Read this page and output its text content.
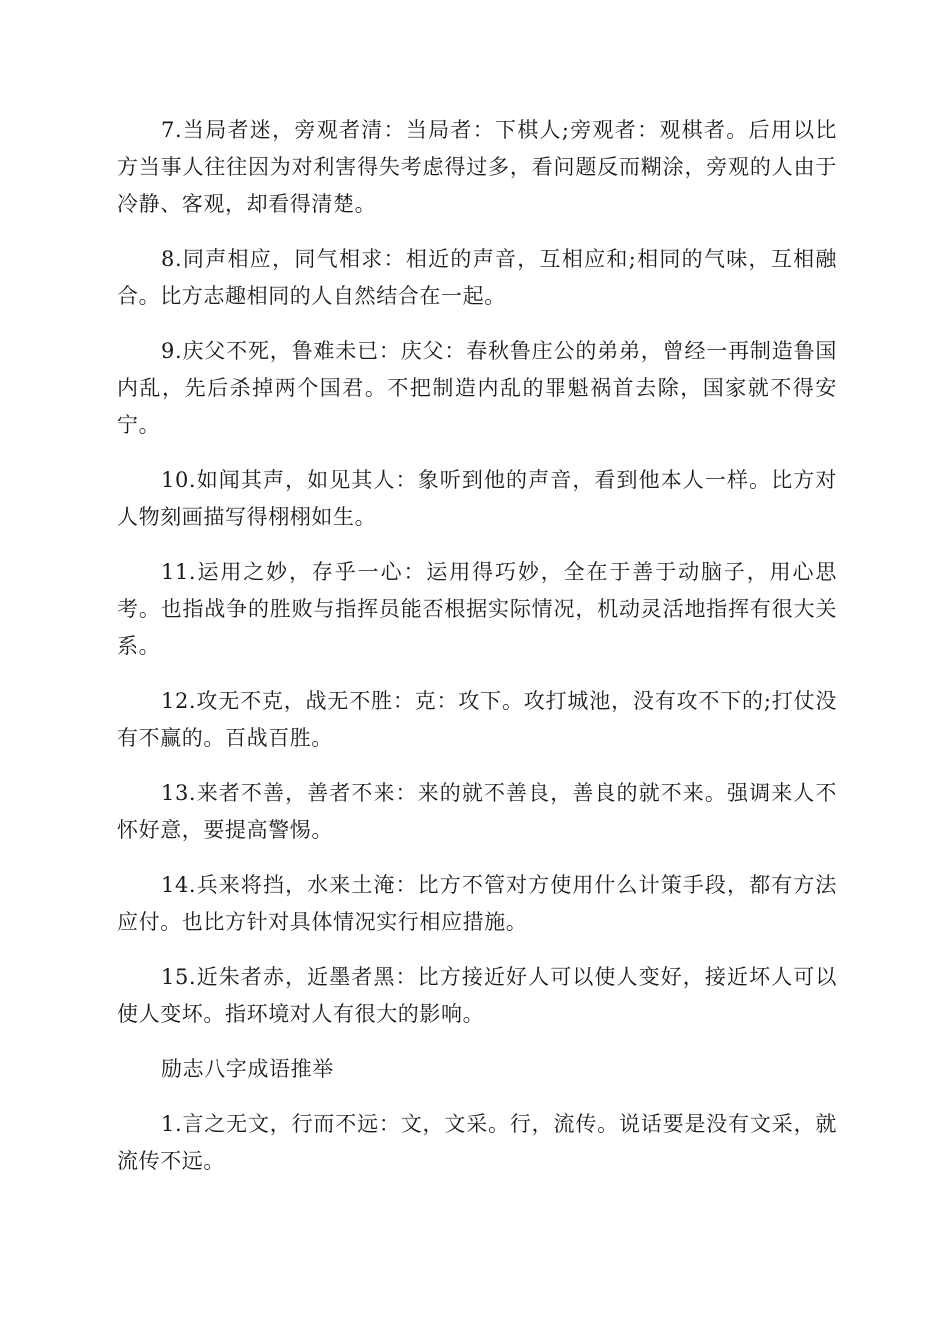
7.当局者迷，旁观者清：当局者：下棋人;旁观者：观棋者。后用以比方当事人往往因为对利害得失考虑得过多，看问题反而糊涂，旁观的人由于冷静、客观，却看得清楚。

8.同声相应，同气相求：相近的声音，互相应和;相同的气味，互相融合。比方志趣相同的人自然结合在一起。

9.庆父不死，鲁难未已：庆父：春秋鲁庄公的弟弟，曾经一再制造鲁国内乱，先后杀掉两个国君。不把制造内乱的罪魁祸首去除，国家就不得安宁。

10.如闻其声，如见其人：象听到他的声音，看到他本人一样。比方对人物刻画描写得栩栩如生。

11.运用之妙，存乎一心：运用得巧妙，全在于善于动脑子，用心思考。也指战争的胜败与指挥员能否根据实际情况，机动灵活地指挥有很大关系。

12.攻无不克，战无不胜：克：攻下。攻打城池，没有攻不下的;打仗没有不赢的。百战百胜。

13.来者不善，善者不来：来的就不善良，善良的就不来。强调来人不怀好意，要提高警惕。

14.兵来将挡，水来土淹：比方不管对方使用什么计策手段，都有方法应付。也比方针对具体情况实行相应措施。

15.近朱者赤，近墨者黑：比方接近好人可以使人变好，接近坏人可以使人变坏。指环境对人有很大的影响。

励志八字成语推举

1.言之无文，行而不远：文，文采。行，流传。说话要是没有文采，就流传不远。
